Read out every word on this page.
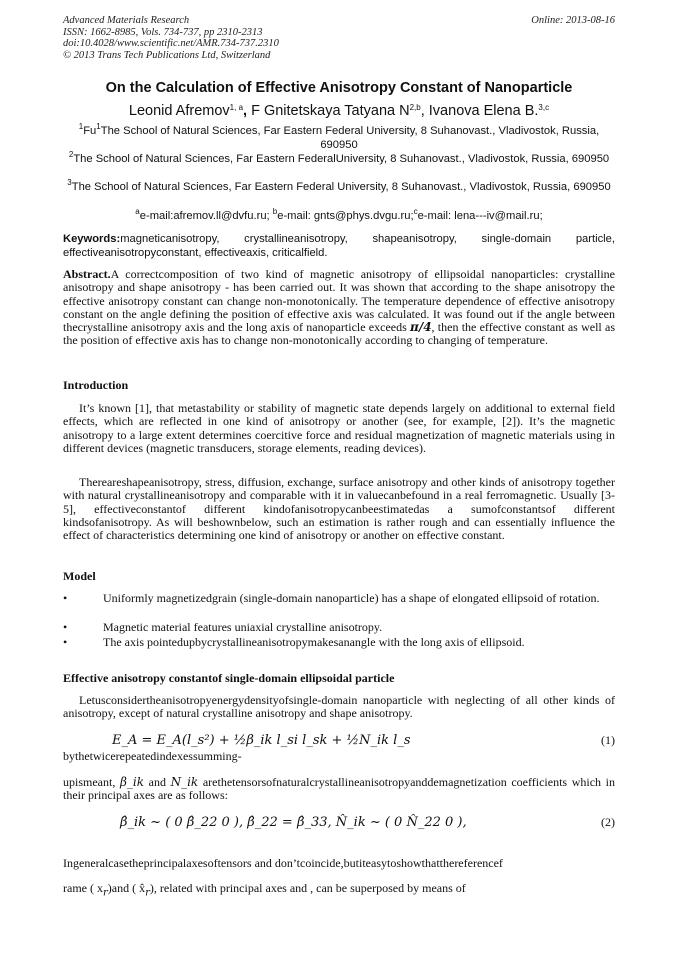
Advanced Materials Research
ISSN: 1662-8985, Vols. 734-737, pp 2310-2313
doi:10.4028/www.scientific.net/AMR.734-737.2310
© 2013 Trans Tech Publications Ltd, Switzerland
Online: 2013-08-16
On the Calculation of Effective Anisotropy Constant of Nanoparticle
Leonid Afremov$^{1, a}$, F Gnitetskaya Tatyana N$^{2,b}$, Ivanova Elena B.$^{3,c}$
$^1$Fu$^1$The School of Natural Sciences, Far Eastern Federal University, 8 Suhanovast., Vladivostok, Russia, 690950
$^2$The School of Natural Sciences, Far Eastern FederalUniversity, 8 Suhanovast., Vladivostok, Russia, 690950
$^3$The School of Natural Sciences, Far Eastern Federal University, 8 Suhanovast., Vladivostok, Russia, 690950
$^a$e-mail:afremov.ll@dvfu.ru; $^b$e-mail: gnts@phys.dvgu.ru;$^c$e-mail: lena---iv@mail.ru;
Keywords:magneticanisotropy, crystallineanisotropy, shapeanisotropy, single-domain particle, effectiveanisotropyconstant, effectiveaxis, criticalfield.
Abstract.A correctcomposition of two kind of magnetic anisotropy of ellipsoidal nanoparticles: crystalline anisotropy and shape anisotropy - has been carried out. It was shown that according to the shape anisotropy the effective anisotropy constant can change non-monotonically. The temperature dependence of effective anisotropy constant on the angle defining the position of effective axis was calculated. It was found out if the angle between thecrystalline anisotropy axis and the long axis of nanoparticle exceeds π/4, then the effective constant as well as the position of effective axis has to change non-monotonically according to changing of temperature.
Introduction
It’s known [1], that metastability or stability of magnetic state depends largely on additional to external field effects, which are reflected in one kind of anisotropy or another (see, for example, [2]). It’s the magnetic anisotropy to a large extent determines coercitive force and residual magnetization of magnetic materials using in different devices (magnetic transducers, storage elements, reading devices).
Thereareshapeanisotropy, stress, diffusion, exchange, surface anisotropy and other kinds of anisotropy together with natural crystallineanisotropy and comparable with it in valuecanbefound in a real ferromagnetic. Usually [3-5], effectiveconstantof different kindofanisotropycanbeestimatedas a sumofconstantsof different kindsofanisotropy. As will beshownbelow, such an estimation is rather rough and can essentially influence the effect of characteristics determining one kind of anisotropy or another on effective constant.
Model
•	Uniformly magnetizedgrain (single-domain nanoparticle) has a shape of elongated ellipsoid of rotation.
•	Magnetic material features uniaxial crystalline anisotropy.
•	The axis pointedupbycrystallineanisotropymakesanangle with the long axis of ellipsoid.
Effective anisotropy constantof single-domain ellipsoidal particle
Letusconsidertheanisotropyenergydensityofsingle-domain nanoparticle with neglecting of all other kinds of anisotropy, except of natural crystalline anisotropy and shape anisotropy.
E_A = E_A(l_s²) + ½β_ik l_si l_sk + ½N_ik l_s	(1)
bythetwicerepeatedindexessumming-
upismeant, β_ik and N_ik arethetensorsofnaturalcrystallineanisotropyanddemagnetization coefficients which in their principal axes are as follows:
β̂_ik ~ ( 0 β̂_22 0 ), β̂_22 = β̂_33, N̂_ik ~ ( 0 N̂_22 0 ),	(2)
Ingeneralcasetheprincipalaxesoftensors and don’tcoincide,butiteasytoshowthatthereferencef
rame ( $x_r)and$ ( $x̂_r$), related with principal axes and , can be superposed by means of
